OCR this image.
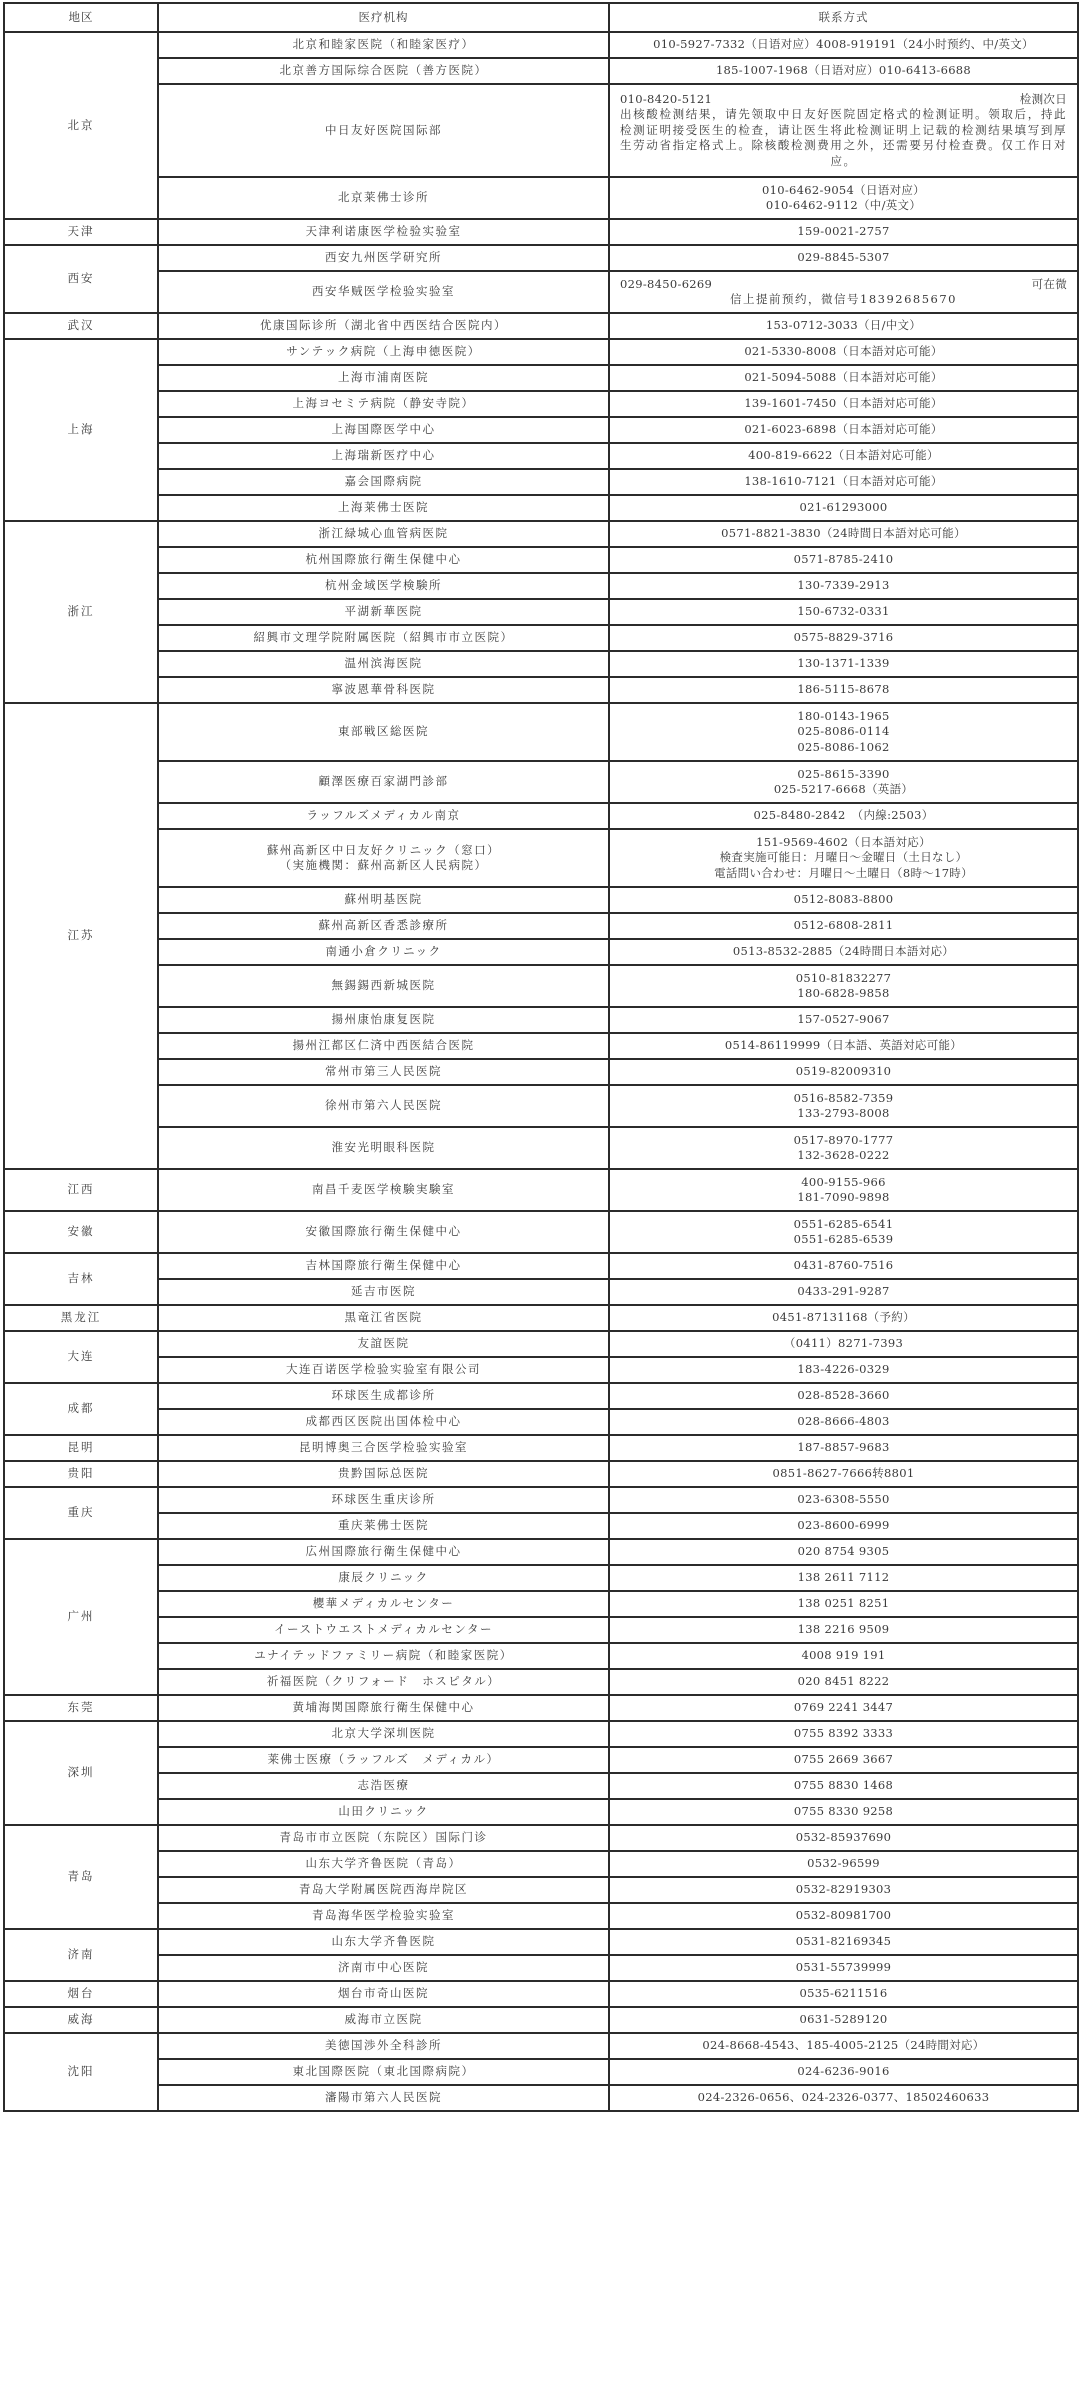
地区	医疗机构	联系方式
北京	北京和睦家医院（和睦家医疗）	010-5927-7332（日语对应）4008-919191（24小时预约、中/英文）

	北京善方国际综合医院（善方医院）	185-1007-1968（日语对应）010-6413-6688

	中日友好医院国际部	010-8420-5121 检测次日
出核酸检测结果，请先领取中日友好医院固定格式的检测证明。领取后，持此检测证明接受医生的检查，请让医生将此检测证明上记载的检测结果填写到厚生劳动省指定格式上。除核酸检测费用之外，还需要另付检查费。仅工作日对应。

	北京莱佛士诊所	010-6462-9054（日语对应）
010-6462-9112（中/英文）

天津	天津利诺康医学检验实验室	159-0021-2757

西安	西安九州医学研究所	029-8845-5307

	西安华贼医学检验实验室	029-8450-6269 可在微
信上提前预约，微信号18392685670

武汉	优康国际诊所（湖北省中西医结合医院内）	153-0712-3033（日/中文）

上海	サンテック病院（上海申徳医院）	021-5330-8008（日本語対応可能）

	上海市浦南医院	021-5094-5088（日本語対応可能）

	上海ヨセミテ病院（静安寺院）	139-1601-7450（日本語対応可能）

	上海国際医学中心	021-6023-6898（日本語対応可能）

	上海瑞新医疗中心	400-819-6622（日本語対応可能）

	嘉会国際病院	138-1610-7121（日本語対応可能）

	上海莱佛士医院	021-61293000

浙江	浙江緑城心血管病医院	0571-8821-3830（24時間日本語対応可能）

	杭州国際旅行衛生保健中心	0571-8785-2410

	杭州金域医学検験所	130-7339-2913

	平湖新華医院	150-6732-0331

	紹興市文理学院附属医院（紹興市市立医院）	0575-8829-3716

	温州滨海医院	130-1371-1339

	寧波恩華骨科医院	186-5115-8678

江苏	東部戦区総医院	180-0143-1965
025-8086-0114
025-8086-1062

	顧澤医療百家湖門診部	025-8615-3390
025-5217-6668（英語）

	ラッフルズメディカル南京	025-8480-2842　（内線:2503）

	蘇州高新区中日友好クリニック（窓口）
（実施機関：蘇州高新区人民病院）	151-9569-4602（日本語対応）
検査実施可能日：月曜日～金曜日（土日なし）
電話問い合わせ：月曜日～土曜日（8時～17時）

	蘇州明基医院	0512-8083-8800

	蘇州高新区香悉診療所	0512-6808-2811

	南通小倉クリニック	0513-8532-2885（24時間日本語対応）

	無錫錫西新城医院	0510-81832277
180-6828-9858

	揚州康怡康复医院	157-0527-9067

	揚州江都区仁済中西医結合医院	0514-86119999（日本語、英語対応可能）

	常州市第三人民医院	0519-82009310

	徐州市第六人民医院	0516-8582-7359
133-2793-8008

	淮安光明眼科医院	0517-8970-1777
132-3628-0222

江西	南昌千麦医学検験実験室	400-9155-966
181-7090-9898

安徽	安徽国際旅行衛生保健中心	0551-6285-6541
0551-6285-6539

吉林	吉林国際旅行衛生保健中心	0431-8760-7516

	延吉市医院	0433-291-9287

黑龙江	黒竜江省医院	0451-87131168（予約）

大连	友誼医院	（0411）8271-7393

	大连百诺医学检验实验室有限公司	183-4226-0329

成都	环球医生成都诊所	028-8528-3660

	成都西区医院出国体检中心	028-8666-4803

昆明	昆明博奥三合医学检验实验室	187-8857-9683

贵阳	贵黔国际总医院	0851-8627-7666转8801

重庆	环球医生重庆诊所	023-6308-5550

	重庆莱佛士医院	023-8600-6999

广州	広州国際旅行衛生保健中心	020 8754 9305

	康辰クリニック	138 2611 7112

	櫻華メディカルセンター	138 0251 8251

	イーストウエストメディカルセンター	138 2216 9509

	ユナイテッドファミリー病院（和睦家医院）	4008 919 191

	祈福医院（クリフォード　ホスピタル）	020 8451 8222

东莞	黄埔海関国際旅行衛生保健中心	0769 2241 3447

深圳	北京大学深圳医院	0755 8392 3333

	莱佛士医療（ラッフルズ　メディカル）	0755 2669 3667

	志浩医療	0755 8830 1468

	山田クリニック	0755 8330 9258

青岛	青岛市市立医院（东院区）国际门诊	0532-85937690

	山东大学齐鲁医院（青岛）	0532-96599

	青岛大学附属医院西海岸院区	0532-82919303

	青岛海华医学检验实验室	0532-80981700

济南	山东大学齐鲁医院	0531-82169345

	济南市中心医院	0531-55739999

烟台	烟台市奇山医院	0535-6211516

威海	威海市立医院	0631-5289120

沈阳	美徳国渉外全科診所	024-8668-4543、185-4005-2125（24時間対応）

	東北国際医院（東北国際病院）	024-6236-9016

	瀋陽市第六人民医院	024-2326-0656、024-2326-0377、18502460633
